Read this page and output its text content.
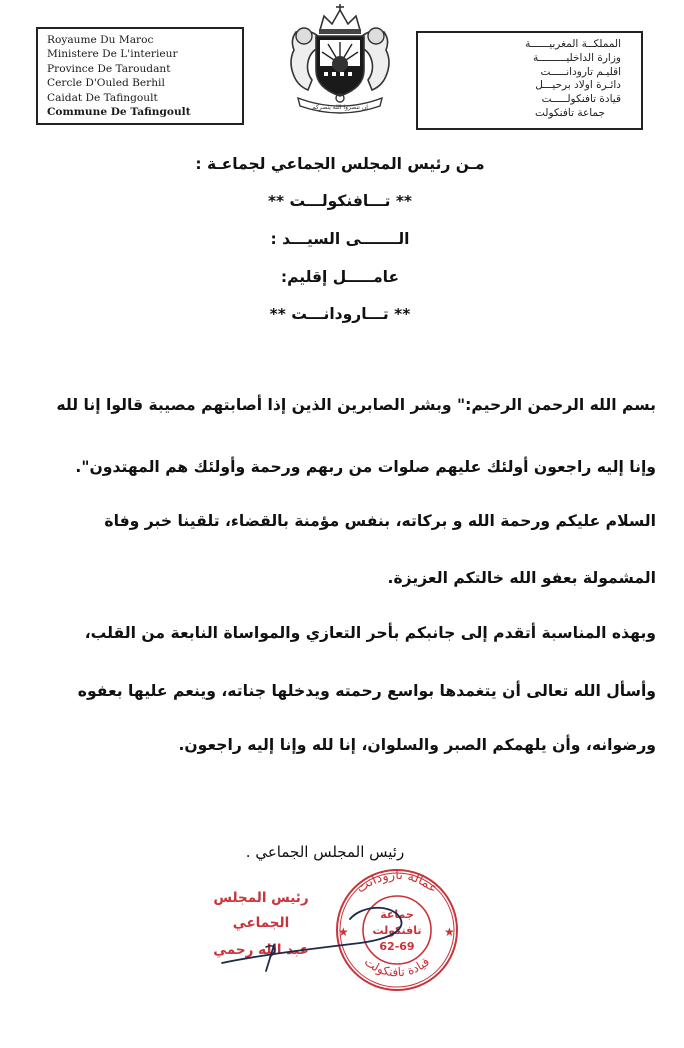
Royaume Du Maroc
Ministere De L'interieur
Province De Taroudant
Cercle D'Ouled Berhil
Caidat De Tafingoult
Commune De Tafingoult	إن تنصروا الله ينصركم
المملكــة المغربيــــــة
وزارة الداخليـــــــــة
اقليـم تارودانـــــت
دائـرة اولاد برحيـــل
قيادة تافنكولـــــت
جماعة تافنكولت
مـن رئيس المجلس الجماعي لجماعـة :
** تـــافنكولـــت **
الـــــــى السيـــد :
عامـــــل إقليم:
** تـــارودانـــت **
بسم الله الرحمن الرحيم:" وبشر الصابرين الذين إذا أصابتهم مصيبة قالوا إنا لله
وإنا إليه راجعون أولئك عليهم صلوات من ربهم ورحمة وأولئك هم المهتدون".
السلام عليكم ورحمة الله و بركاته، بنفس مؤمنة بالقضاء، تلقينا خبر وفاة
المشمولة بعفو الله خالتكم العزيزة.
وبهذه المناسبة أتقدم إلى جانبكم بأحر التعازي والمواساة النابعة من القلب،
وأسأل الله تعالى أن يتغمدها بواسع رحمته ويدخلها جناته، وينعم عليها بعفوه
ورضوانه، وأن يلهمكم الصبر والسلوان، إنا لله وإنا إليه راجعون.
رئيس المجلس الجماعي .
رئيس المجلس
الجماعي
عبد الله رحمي
عمالة تارودانت
قيادة تافنكولت
★	★
جماعة
تافنكولت
62-69
